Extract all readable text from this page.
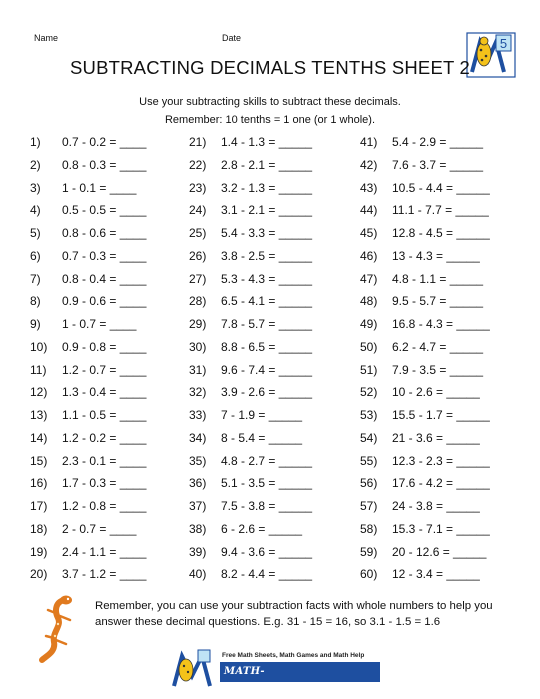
Name	Date	5
SUBTRACTING DECIMALS TENTHS SHEET 2
Use your subtracting skills to subtract these decimals.
Remember: 10 tenths = 1 one (or 1 whole).
1)	0.7 - 0.2 = ____
2)	0.8 - 0.3 = ____
3)	1 - 0.1 = ____
4)	0.5 - 0.5 = ____
5)	0.8 - 0.6 = ____
6)	0.7 - 0.3 = ____
7)	0.8 - 0.4 = ____
8)	0.9 - 0.6 = ____
9)	1 - 0.7 = ____
10)	0.9 - 0.8 = ____
11)	1.2 - 0.7 = ____
12)	1.3 - 0.4 = ____
13)	1.1 - 0.5 = ____
14)	1.2 - 0.2 = ____
15)	2.3 - 0.1 = ____
16)	1.7 - 0.3 = ____
17)	1.2 - 0.8 = ____
18)	2 - 0.7 = ____
19)	2.4 - 1.1 = ____
20)	3.7 - 1.2 = ____
21)	1.4 - 1.3 = _____
22)	2.8 - 2.1 = _____
23)	3.2 - 1.3 = _____
24)	3.1 - 2.1 = _____
25)	5.4 - 3.3 = _____
26)	3.8 - 2.5 = _____
27)	5.3 - 4.3 = _____
28)	6.5 - 4.1 = _____
29)	7.8 - 5.7 = _____
30)	8.8 - 6.5 = _____
31)	9.6 - 7.4 = _____
32)	3.9 - 2.6 = _____
33)	7 - 1.9 = _____
34)	8 - 5.4 = _____
35)	4.8 - 2.7 = _____
36)	5.1 - 3.5 = _____
37)	7.5 - 3.8 = _____
38)	6 - 2.6 = _____
39)	9.4 - 3.6 = _____
40)	8.2 - 4.4 = _____
41)	5.4 - 2.9 = _____
42)	7.6 - 3.7 = _____
43)	10.5 - 4.4 = _____
44)	11.1 - 7.7 = _____
45)	12.8 - 4.5 = _____
46)	13 - 4.3 = _____
47)	4.8 - 1.1 = _____
48)	9.5 - 5.7 = _____
49)	16.8 - 4.3 = _____
50)	6.2 - 4.7 = _____
51)	7.9 - 3.5 = _____
52)	10 - 2.6 = _____
53)	15.5 - 1.7 = _____
54)	21 - 3.6 = _____
55)	12.3 - 2.3 = _____
56)	17.6 - 4.2 = _____
57)	24 - 3.8 = _____
58)	15.3 - 7.1 = _____
59)	20 - 12.6 = _____
60)	12 - 3.4 = _____
Remember, you can use your subtraction facts with whole numbers to help you
answer these decimal questions. E.g. 31 - 15 = 16, so 3.1 - 1.5 = 1.6
Free Math Sheets, Math Games and Math Help
MATH-SALAMANDERS.COM
